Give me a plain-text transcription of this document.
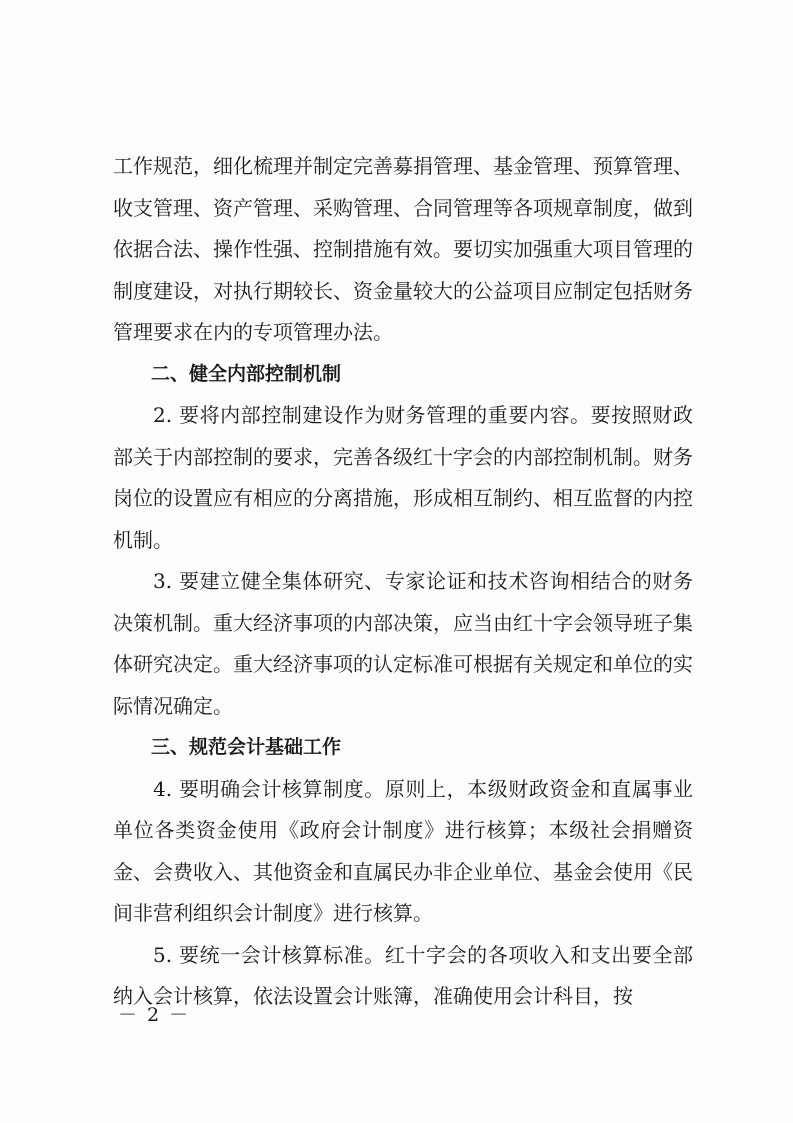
工作规范，细化梳理并制定完善募捐管理、基金管理、预算管理、收支管理、资产管理、采购管理、合同管理等各项规章制度，做到依据合法、操作性强、控制措施有效。要切实加强重大项目管理的制度建设，对执行期较长、资金量较大的公益项目应制定包括财务管理要求在内的专项管理办法。

二、健全内部控制机制

2. 要将内部控制建设作为财务管理的重要内容。要按照财政部关于内部控制的要求，完善各级红十字会的内部控制机制。财务岗位的设置应有相应的分离措施，形成相互制约、相互监督的内控机制。

3. 要建立健全集体研究、专家论证和技术咨询相结合的财务决策机制。重大经济事项的内部决策，应当由红十字会领导班子集体研究决定。重大经济事项的认定标准可根据有关规定和单位的实际情况确定。

三、规范会计基础工作

4. 要明确会计核算制度。原则上，本级财政资金和直属事业单位各类资金使用《政府会计制度》进行核算；本级社会捐赠资金、会费收入、其他资金和直属民办非企业单位、基金会使用《民间非营利组织会计制度》进行核算。

5. 要统一会计核算标准。红十字会的各项收入和支出要全部纳入会计核算，依法设置会计账簿，准确使用会计科目，按

－ 2 －
